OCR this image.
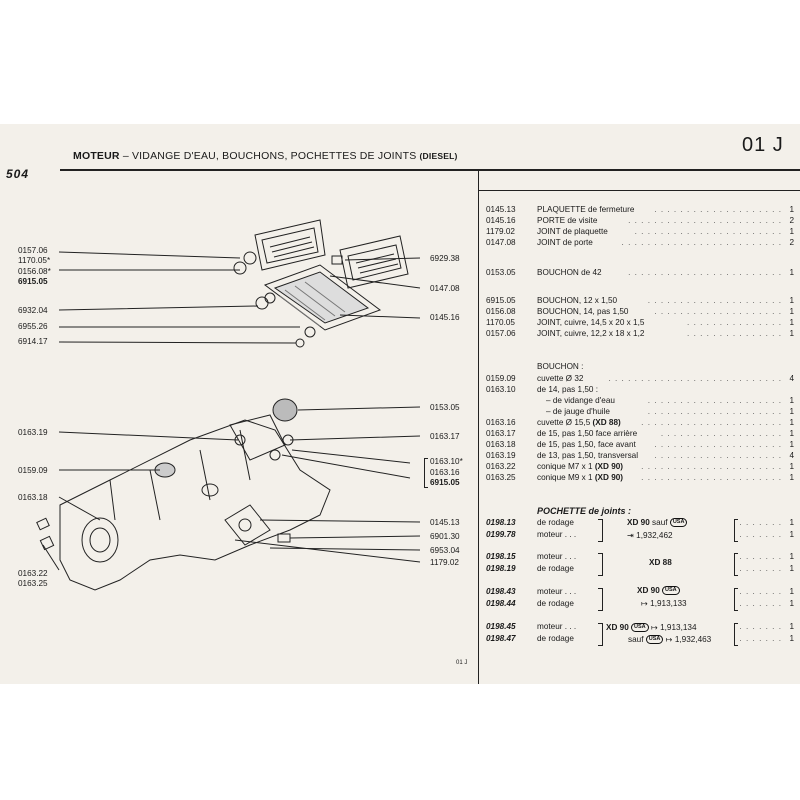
01 J
MOTEUR – VIDANGE D'EAU, BOUCHONS, POCHETTES DE JOINTS (DIESEL)
504
01 J
0157.06
1170.05*
0156.08*
6915.05
6932.04
6955.26
6914.17
0163.19
0159.09
0163.18
0163.22
0163.25
6929.38
0147.08
0145.16
0153.05
0163.17
0163.10*
0163.16
6915.05
0145.13
6901.30
6953.04
1179.02
0145.13	PLAQUETTE de fermeture . . . . . . . . . . . . . . . . . . . . 1
0145.16	PORTE de visite	. . . . . . . . . . . . . . . . . . . . . . . . 2
1179.02	JOINT de plaquette	. . . . . . . . . . . . . . . . . . . . . . . 1
0147.08	JOINT de porte	. . . . . . . . . . . . . . . . . . . . . . . . . 2
0153.05	BOUCHON de 42	. . . . . . . . . . . . . . . . . . . . . . . . 1
6915.05	BOUCHON, 12 x 1,50	. . . . . . . . . . . . . . . . . . . . . 1
0156.08	BOUCHON, 14, pas 1,50	. . . . . . . . . . . . . . . . . . . . 1
1170.05	JOINT, cuivre, 14,5 x 20 x 1,5	. . . . . . . . . . . . . . . 1
0157.06	JOINT, cuivre, 12,2 x 18 x 1,2	. . . . . . . . . . . . . . . 1
BOUCHON :
0159.09	cuvette Ø 32	. . . . . . . . . . . . . . . . . . . . . . . . . . . 4
0163.10	de 14, pas 1,50 :
– de vidange d'eau	. . . . . . . . . . . . . . . . . . . . . 1
– de jauge d'huile	. . . . . . . . . . . . . . . . . . . . . 1
0163.16	cuvette Ø 15,5 (XD 88) . . . . . . . . . . . . . . . . . . . . . . 1
0163.17	de 15, pas 1,50 face arrière	. . . . . . . . . . . . . . . . . . . 1
0163.18	de 15, pas 1,50, face avant . . . . . . . . . . . . . . . . . . . . 1
0163.19	de 13, pas 1,50, transversal . . . . . . . . . . . . . . . . . . . . 4
0163.22	conique M7 x 1 (XD 90) . . . . . . . . . . . . . . . . . . . . . . 1
0163.25	conique M9 x 1 (XD 90) . . . . . . . . . . . . . . . . . . . . . . 1
POCHETTE de joints :
0198.13	de rodage	. . . . . . . 1
0199.78	moteur . . .	. . . . . . . 1
XD 90 sauf USA
⇥ 1,932,462
0198.15	moteur . . .	. . . . . . . 1
0198.19	de rodage	. . . . . . . 1
XD 88
0198.43	moteur . . .	. . . . . . . 1
0198.44	de rodage	. . . . . . . 1
XD 90 USA
↦ 1,913,133
0198.45	moteur . . .	. . . . . . . 1
0198.47	de rodage	. . . . . . . 1
XD 90 USA ↦ 1,913,134
sauf USA ↦ 1,932,463
